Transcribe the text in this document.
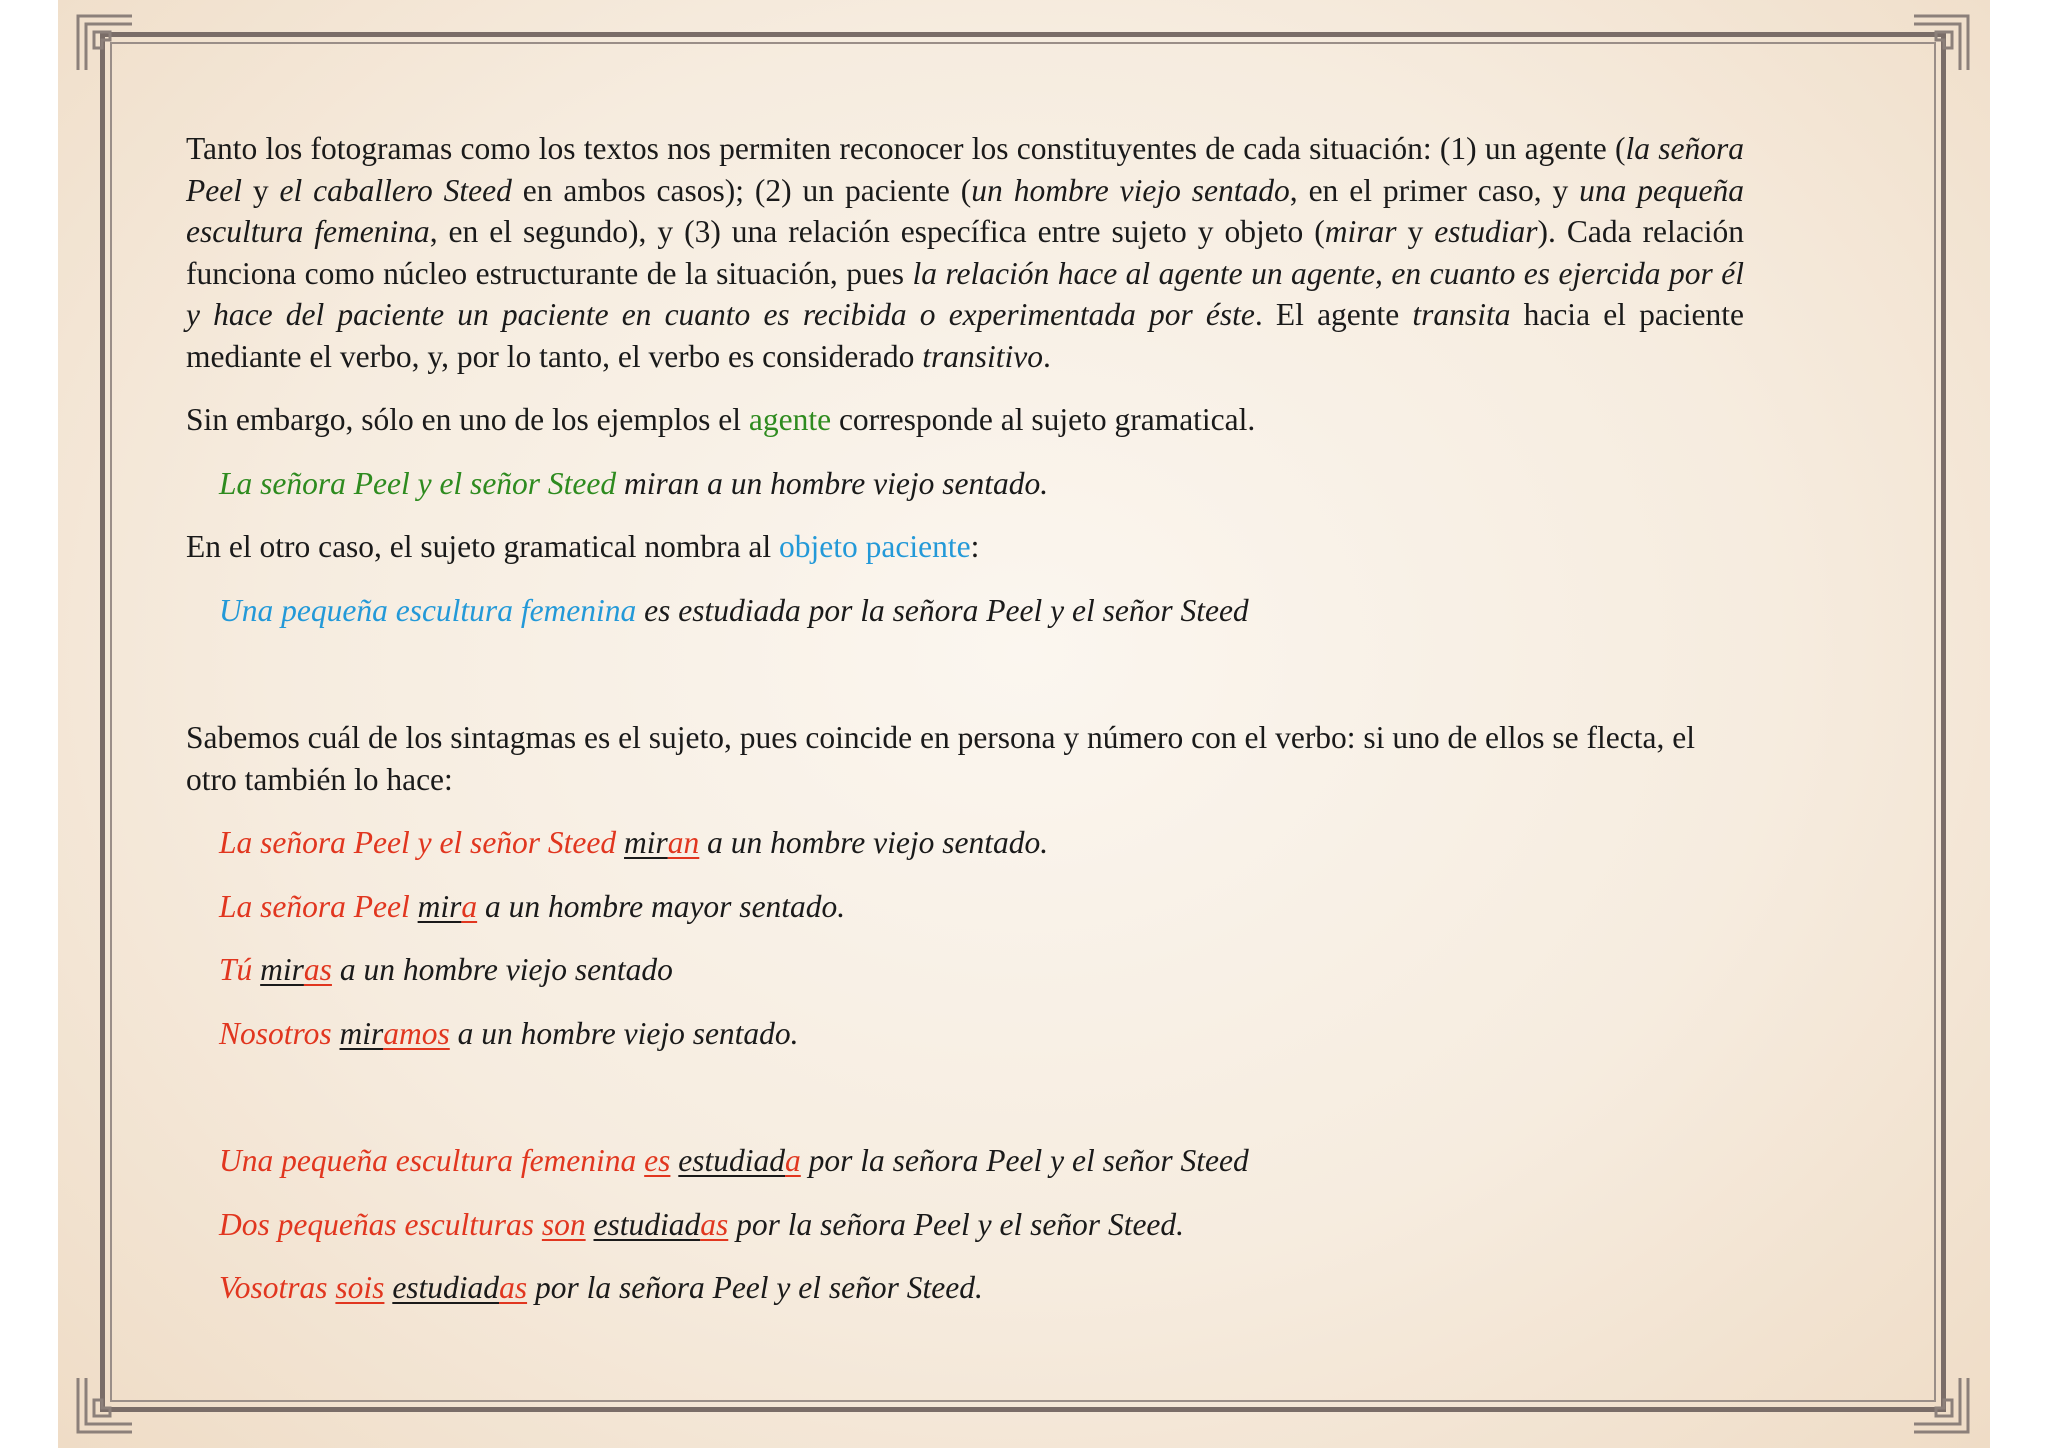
Tanto los fotogramas como los textos nos permiten reconocer los constituyentes de cada situación: (1) un agente (la señora Peel y el caballero Steed en ambos casos); (2) un paciente (un hombre viejo sentado, en el primer caso, y una pequeña escultura femenina, en el segundo), y (3) una relación específica entre sujeto y objeto (mirar y estudiar). Cada relación funciona como núcleo estructurante de la situación, pues la relación hace al agente un agente, en cuanto es ejercida por él y hace del paciente un paciente en cuanto es recibida o experimentada por éste. El agente transita hacia el paciente mediante el verbo, y, por lo tanto, el verbo es considerado transitivo.

Sin embargo, sólo en uno de los ejemplos el agente corresponde al sujeto gramatical.

La señora Peel y el señor Steed miran a un hombre viejo sentado.

En el otro caso, el sujeto gramatical nombra al objeto paciente:

Una pequeña escultura femenina es estudiada por la señora Peel y el señor Steed

Sabemos cuál de los sintagmas es el sujeto, pues coincide en persona y número con el verbo: si uno de ellos se flecta, el otro también lo hace:

La señora Peel y el señor Steed miran a un hombre viejo sentado.

La señora Peel mira a un hombre mayor sentado.

Tú miras a un hombre viejo sentado

Nosotros miramos a un hombre viejo sentado.

Una pequeña escultura femenina es estudiada por la señora Peel y el señor Steed

Dos pequeñas esculturas son estudiadas por la señora Peel y el señor Steed.

Vosotras sois estudiadas por la señora Peel y el señor Steed.
